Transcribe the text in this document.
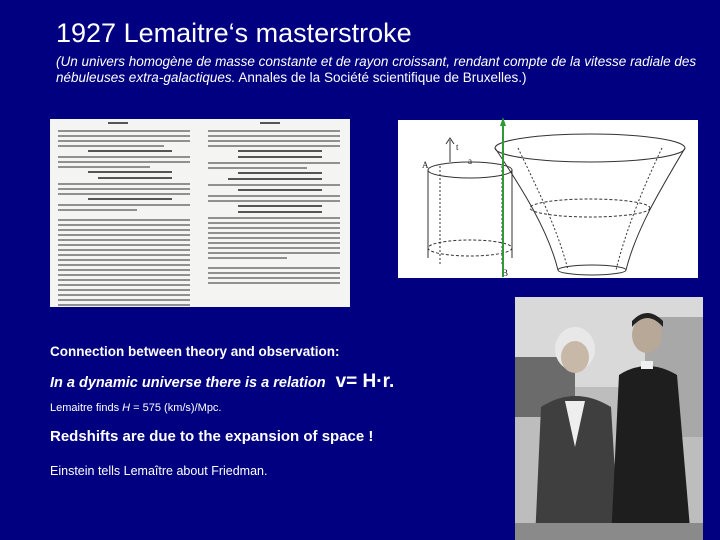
1927 Lemaitre‘s masterstroke
(Un univers homogène de masse constante et de rayon croissant, rendant compte de la vitesse radiale des nébuleuses extra-galactiques. Annales de la Société scientifique de Bruxelles.)
A	a
B
t
Connection between theory and observation:
In a dynamic universe there is a relation v= H·r.
Lemaitre finds H = 575 (km/s)/Mpc.
Redshifts are due to the expansion of space !
Einstein tells Lemaître about Friedman.
